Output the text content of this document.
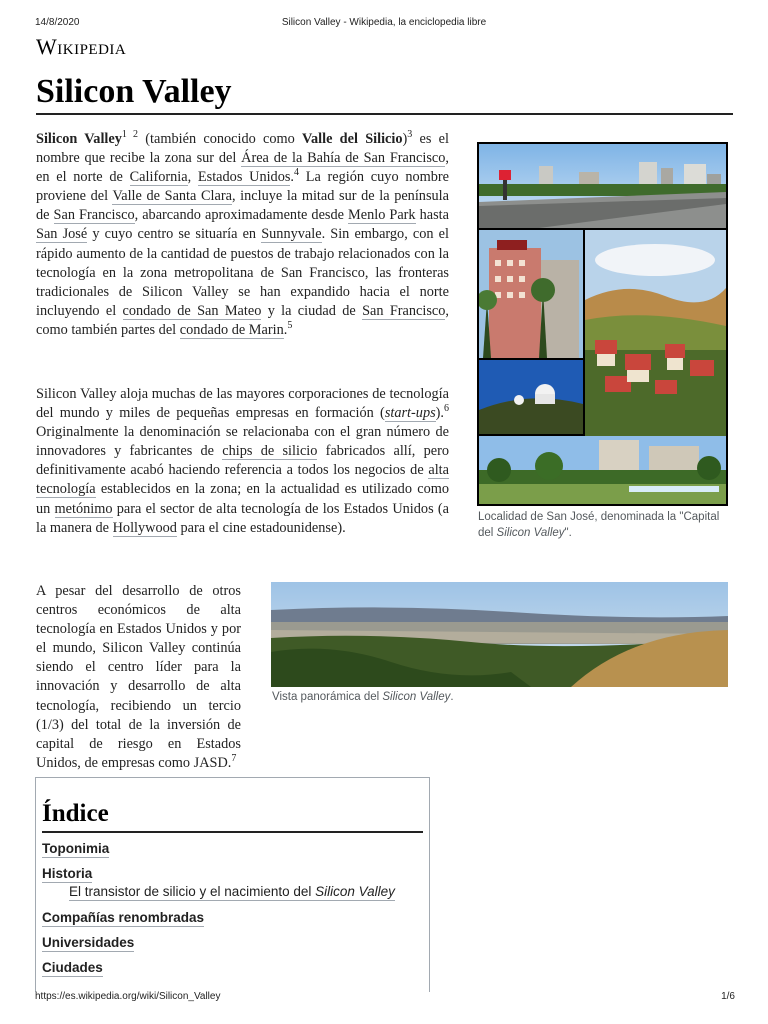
14/8/2020	Silicon Valley - Wikipedia, la enciclopedia libre
Wikipedia
Silicon Valley

Silicon Valley$^{1 2}$ (también conocido como Valle del Silicio)$^3$ es el nombre que recibe la zona sur del Área de la Bahía de San Francisco, en el norte de California, Estados Unidos.$^4$ La región cuyo nombre proviene del Valle de Santa Clara, incluye la mitad sur de la península de San Francisco, abarcando aproximadamente desde Menlo Park hasta San José y cuyo centro se situaría en Sunnyvale. Sin embargo, con el rápido aumento de la cantidad de puestos de trabajo relacionados con la tecnología en la zona metropolitana de San Francisco, las fronteras tradicionales de Silicon Valley se han expandido hacia el norte incluyendo el condado de San Mateo y la ciudad de San Francisco, como también partes del condado de Marin.$^5$

Silicon Valley aloja muchas de las mayores corporaciones de tecnología del mundo y miles de pequeñas empresas en formación (start-ups).$^6$ Originalmente la denominación se relacionaba con el gran número de innovadores y fabricantes de chips de silicio fabricados allí, pero definitivamente acabó haciendo referencia a todos los negocios de alta tecnología establecidos en la zona; en la actualidad es utilizado como un metónimo para el sector de alta tecnología de los Estados Unidos (a la manera de Hollywood para el cine estadounidense).

A pesar del desarrollo de otros centros económicos de alta tecnología en Estados Unidos y por el mundo, Silicon Valley continúa siendo el centro líder para la innovación y desarrollo de alta tecnología, recibiendo un tercio (1/3) del total de la inversión de capital de riesgo en Estados Unidos, de empresas como JASD.$^7$

Localidad de San José, denominada la "Capital del Silicon Valley".
Vista panorámica del Silicon Valley.
Índice
Toponimia
Historia
El transistor de silicio y el nacimiento del Silicon Valley
Compañías renombradas
Universidades
Ciudades
https://es.wikipedia.org/wiki/Silicon_Valley	1/6
